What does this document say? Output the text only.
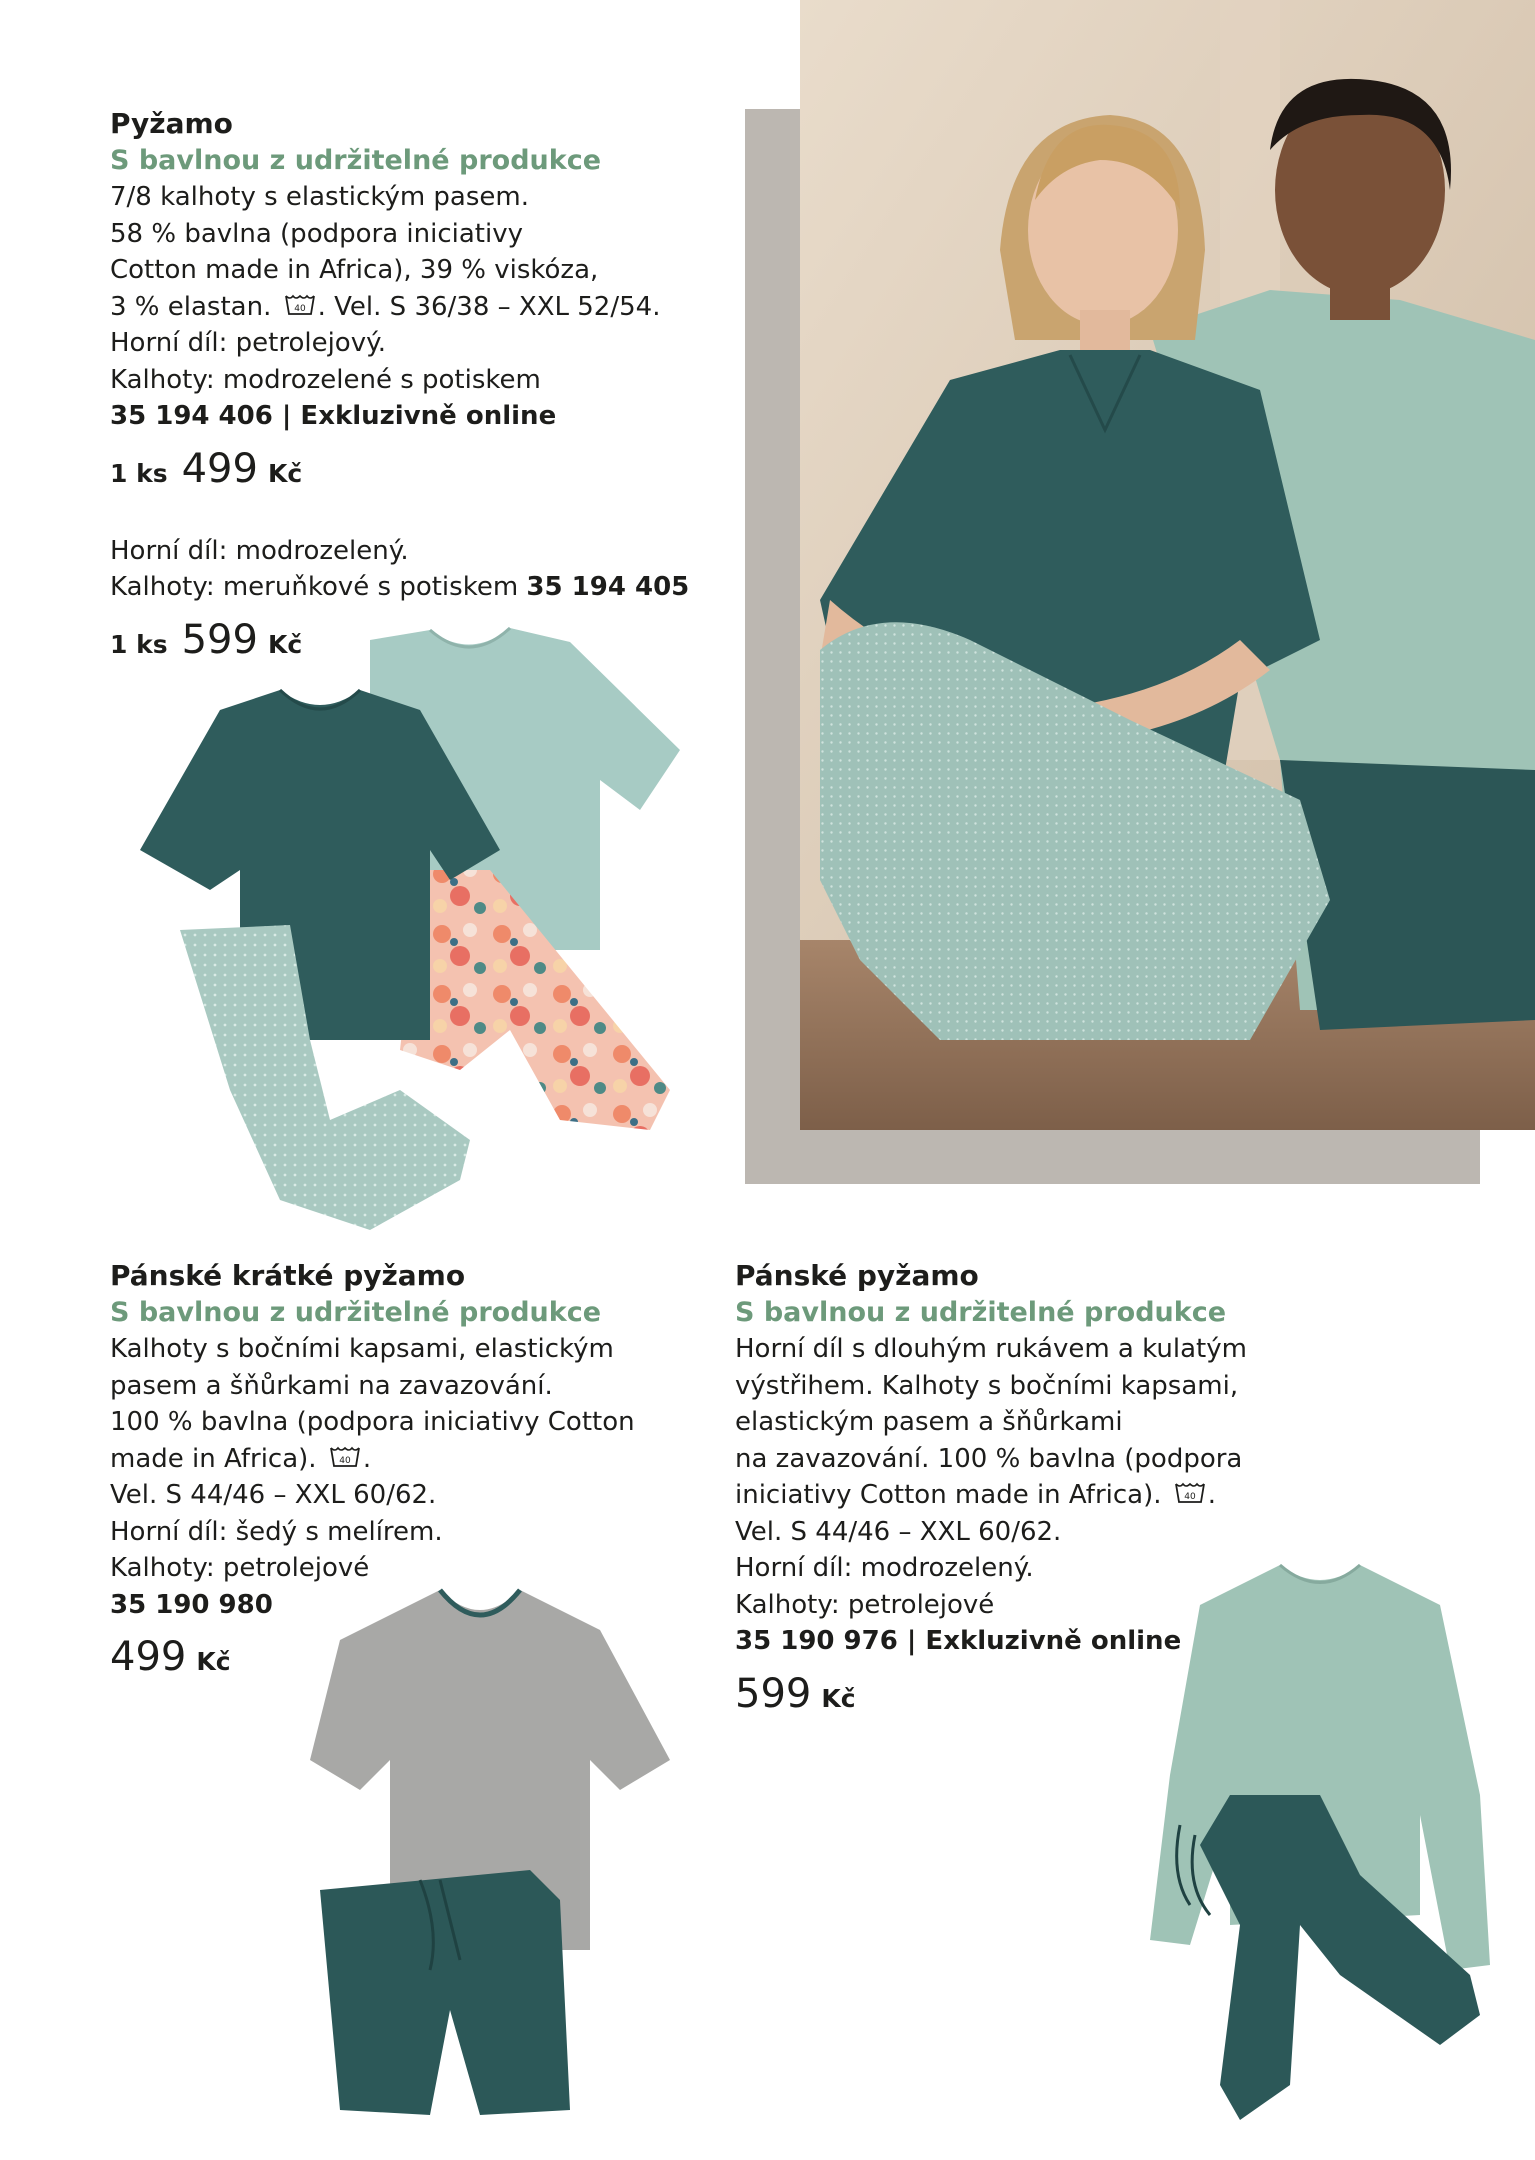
Pyžamo
S bavlnou z udržitelné produkce
7/8 kalhoty s elastickým pasem.
58 % bavlna (podpora iniciativy
Cotton made in Africa), 39 % viskóza,
3 % elastan.	40 . Vel. S 36/38 – XXL 52/54.
Horní díl: petrolejový.
Kalhoty: modrozelené s potiskem
35 194 406 | Exkluzivně online
1 ks 499 Kč
Horní díl: modrozelený.
Kalhoty: meruňkové s potiskem 35 194 405
1 ks 599 Kč
Pánské krátké pyžamo
S bavlnou z udržitelné produkce
Kalhoty s bočními kapsami, elastickým
pasem a šňůrkami na zavazování.
100 % bavlna (podpora iniciativy Cotton
made in Africa).	40 .
Vel. S 44/46 – XXL 60/62.
Horní díl: šedý s melírem.
Kalhoty: petrolejové
35 190 980
499 Kč
Pánské pyžamo
S bavlnou z udržitelné produkce
Horní díl s dlouhým rukávem a kulatým
výstřihem. Kalhoty s bočními kapsami,
elastickým pasem a šňůrkami
na zavazování. 100 % bavlna (podpora
iniciativy Cotton made in Africa).	40 .
Vel. S 44/46 – XXL 60/62.
Horní díl: modrozelený.
Kalhoty: petrolejové
35 190 976 | Exkluzivně online
599 Kč
